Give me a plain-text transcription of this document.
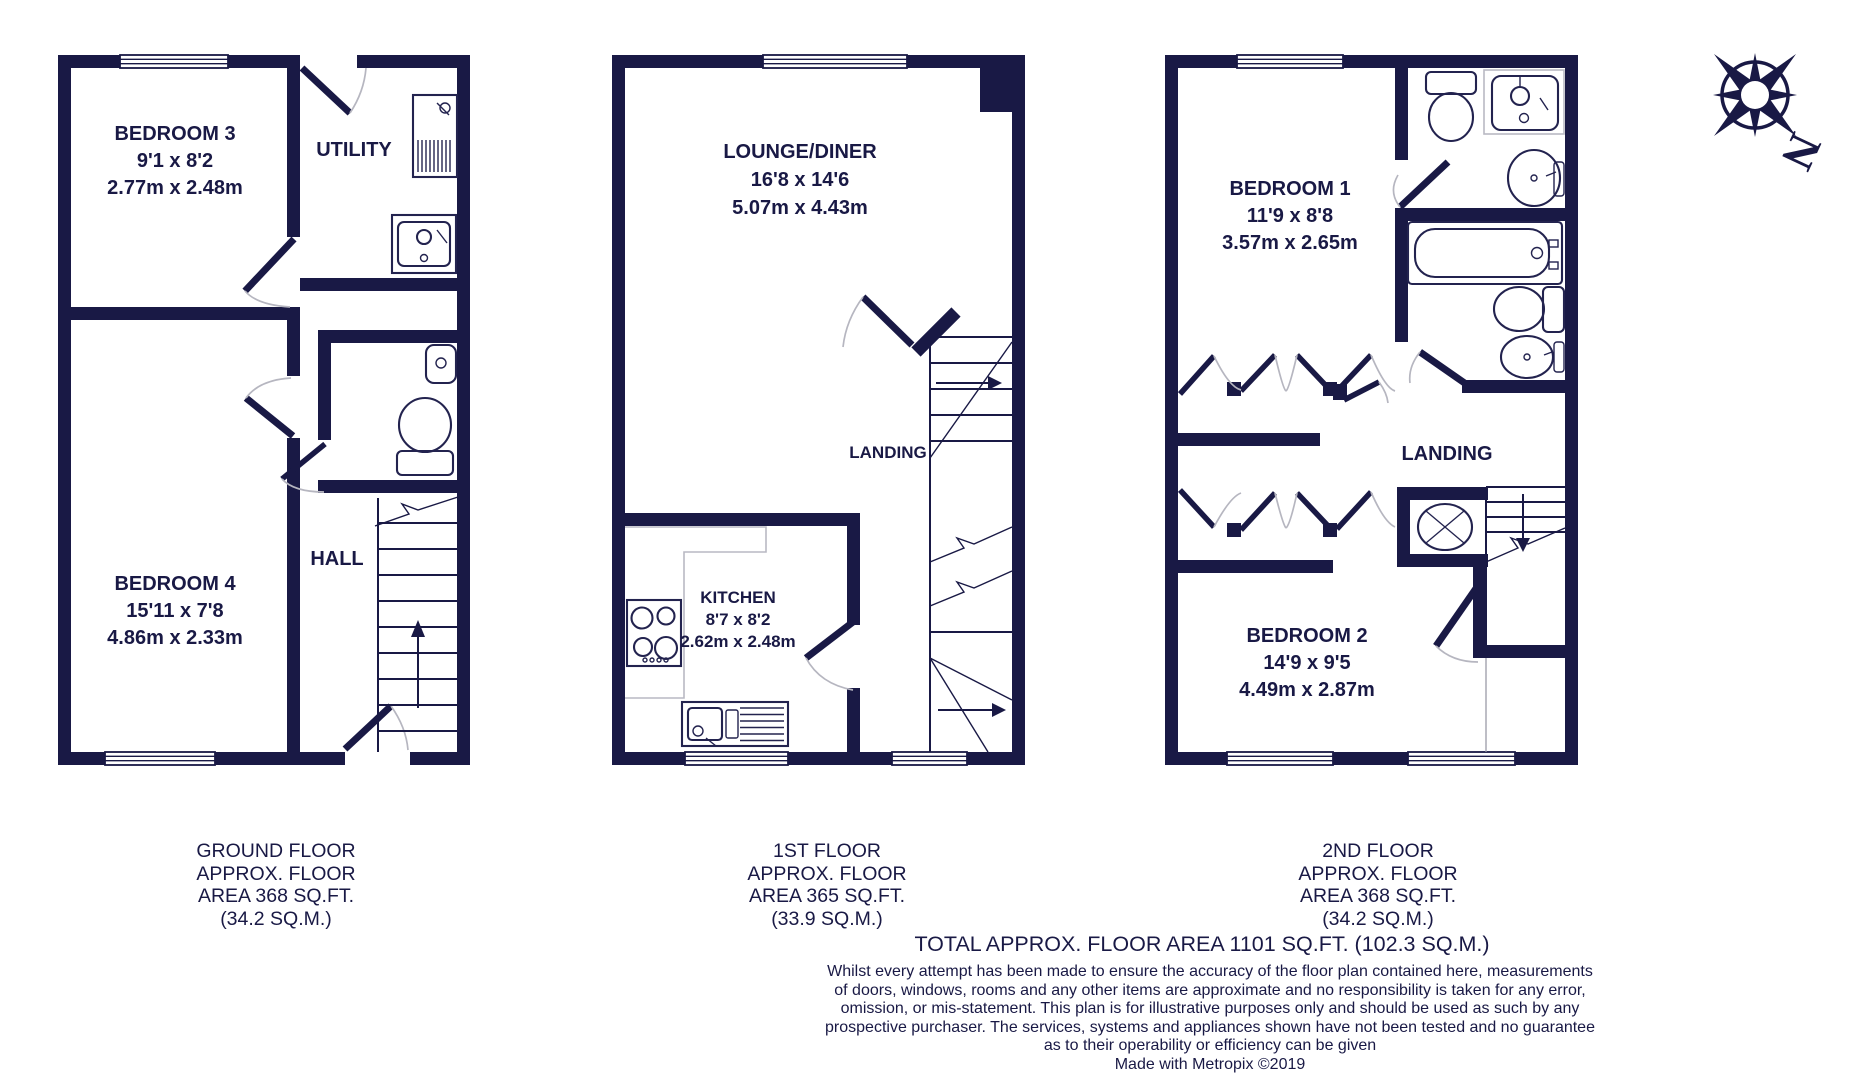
BEDROOM 3
9'1 x 8'2
2.77m x 2.48m
UTILITY
BEDROOM 4
15'11 x 7'8
4.86m x 2.33m
HALL
LOUNGE/DINER
16'8 x 14'6
5.07m x 4.43m
LANDING
KITCHEN
8'7 x 8'2
2.62m x 2.48m
BEDROOM 1
11'9 x 8'8
3.57m x 2.65m
LANDING
BEDROOM 2
14'9 x 9'5
4.49m x 2.87m
N
GROUND FLOOR
APPROX. FLOOR
AREA 368 SQ.FT.
(34.2 SQ.M.)
1ST FLOOR
APPROX. FLOOR
AREA 365 SQ.FT.
(33.9 SQ.M.)
2ND FLOOR
APPROX. FLOOR
AREA 368 SQ.FT.
(34.2 SQ.M.)
TOTAL APPROX. FLOOR AREA 1101 SQ.FT. (102.3 SQ.M.)
Whilst every attempt has been made to ensure the accuracy of the floor plan contained here, measurements
of doors, windows, rooms and any other items are approximate and no responsibility is taken for any error,
omission, or mis-statement. This plan is for illustrative purposes only and should be used as such by any
prospective purchaser. The services, systems and appliances shown have not been tested and no guarantee
as to their operability or efficiency can be given
Made with Metropix ©2019
